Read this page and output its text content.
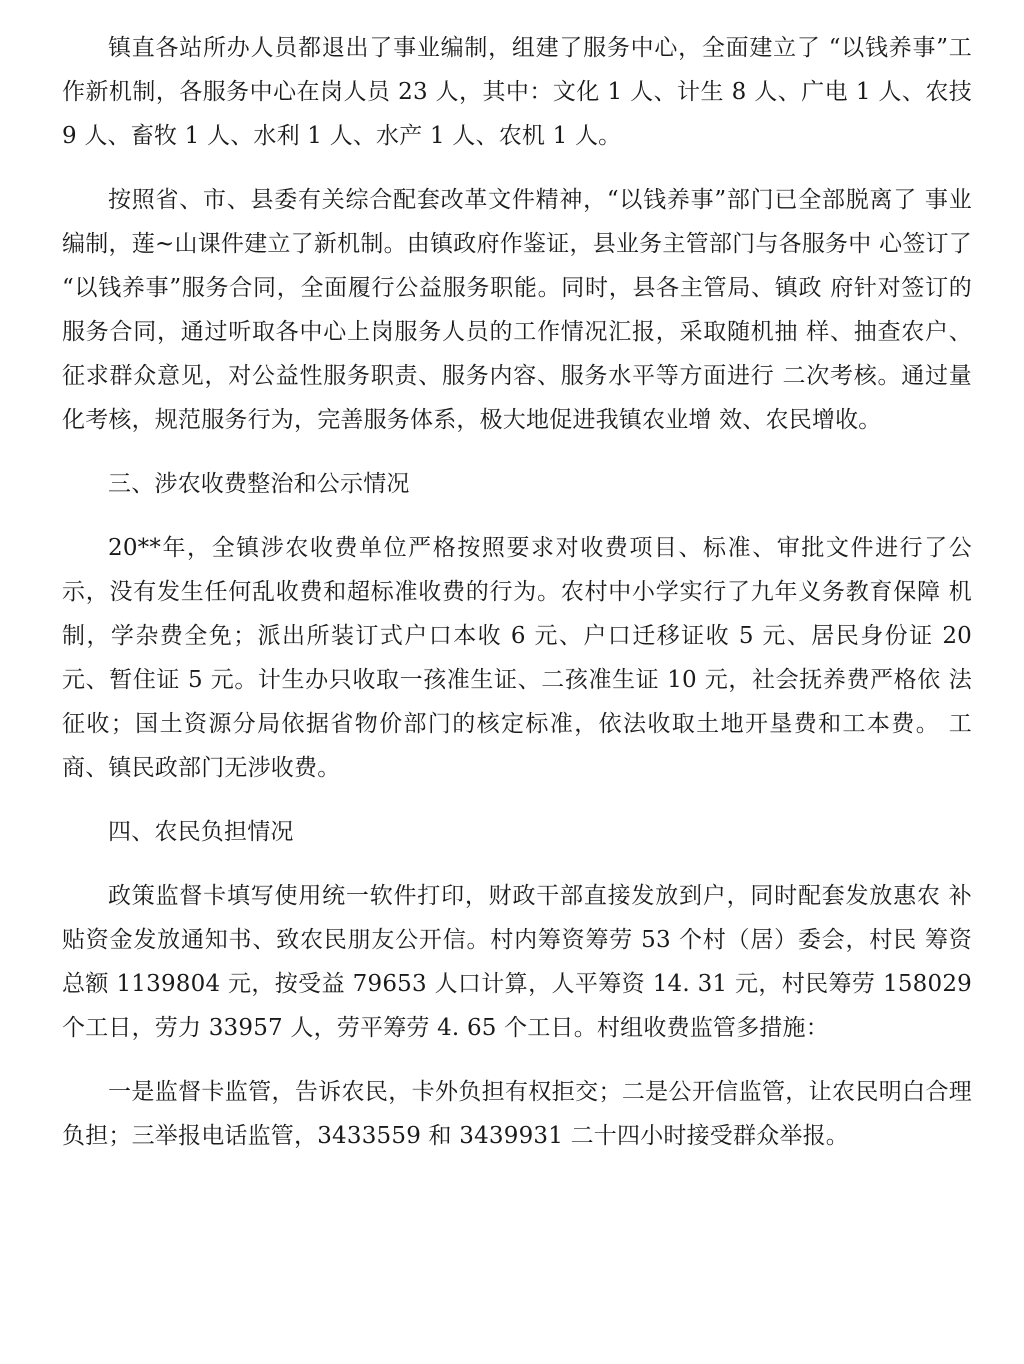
镇直各站所办人员都退出了事业编制，组建了服务中心，全面建立了 “以钱养事”工作新机制，各服务中心在岗人员 23 人，其中：文化 1 人、计生 8 人、广电 1 人、农技 9 人、畜牧 1 人、水利 1 人、水产 1 人、农机 1 人。

按照省、市、县委有关综合配套改革文件精神，“以钱养事”部门已全部脱离了 事业编制，莲~山课件建立了新机制。由镇政府作鉴证，县业务主管部门与各服务中 心签订了 “以钱养事”服务合同，全面履行公益服务职能。同时，县各主管局、镇政 府针对签订的服务合同，通过听取各中心上岗服务人员的工作情况汇报，采取随机抽 样、抽查农户、征求群众意见，对公益性服务职责、服务内容、服务水平等方面进行 二次考核。通过量化考核，规范服务行为，完善服务体系，极大地促进我镇农业增 效、农民增收。

三、涉农收费整治和公示情况

20**年，全镇涉农收费单位严格按照要求对收费项目、标准、审批文件进行了公示，没有发生任何乱收费和超标准收费的行为。农村中小学实行了九年义务教育保障 机制，学杂费全免；派出所装订式户口本收 6 元、户口迁移证收 5 元、居民身份证 20 元、暂住证 5 元。计生办只收取一孩准生证、二孩准生证 10 元，社会抚养费严格依 法征收；国土资源分局依据省物价部门的核定标准，依法收取土地开垦费和工本费。 工商、镇民政部门无涉收费。

四、农民负担情况

政策监督卡填写使用统一软件打印，财政干部直接发放到户，同时配套发放惠农 补贴资金发放通知书、致农民朋友公开信。村内筹资筹劳 53 个村（居）委会，村民 筹资总额 1139804 元，按受益 79653 人口计算，人平筹资 14. 31 元，村民筹劳 158029 个工日，劳力 33957 人，劳平筹劳 4. 65 个工日。村组收费监管多措施：

一是监督卡监管，告诉农民，卡外负担有权拒交；二是公开信监管，让农民明白合理负担；三举报电话监管，3433559 和 3439931 二十四小时接受群众举报。
